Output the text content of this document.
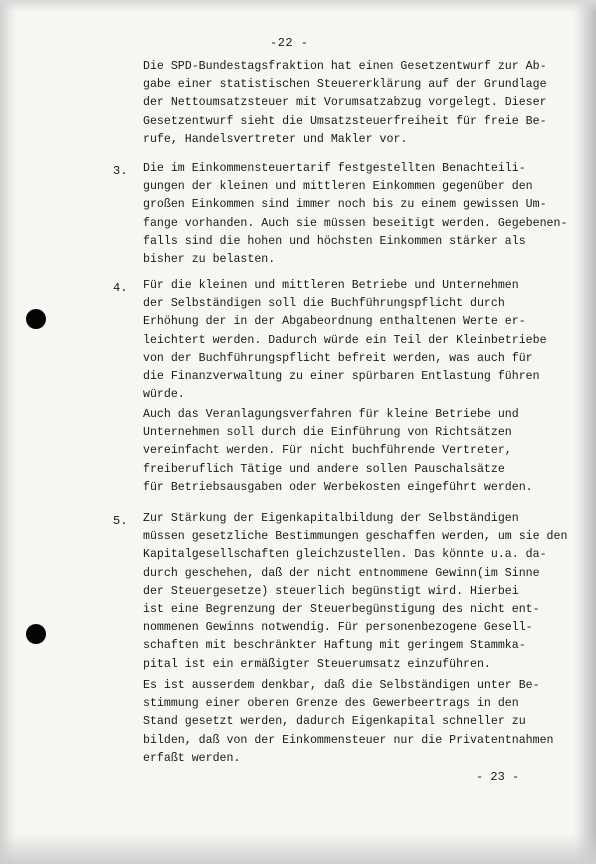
-22 -
Die SPD-Bundestagsfraktion hat einen Gesetzentwurf zur Ab-
gabe einer statistischen Steuererklärung auf der Grundlage
der Nettoumsatzsteuer mit Vorumsatzabzug vorgelegt. Dieser
Gesetzentwurf sieht die Umsatzsteuerfreiheit für freie Be-
rufe, Handelsvertreter und Makler vor.
3. Die im Einkommensteuertarif festgestellten Benachteili-
gungen der kleinen und mittleren Einkommen gegenüber den
großen Einkommen sind immer noch bis zu einem gewissen Um-
fange vorhanden. Auch sie müssen beseitigt werden. Gegebenen-
falls sind die hohen und höchsten Einkommen stärker als
bisher zu belasten.
4. Für die kleinen und mittleren Betriebe und Unternehmen
der Selbständigen soll die Buchführungspflicht durch
Erhöhung der in der Abgabeordnung enthaltenen Werte er-
leichtert werden. Dadurch würde ein Teil der Kleinbetriebe
von der Buchführungspflicht befreit werden, was auch für
die Finanzverwaltung zu einer spürbaren Entlastung führen
würde.
Auch das Veranlagungsverfahren für kleine Betriebe und
Unternehmen soll durch die Einführung von Richtsätzen
vereinfacht werden. Für nicht buchführende Vertreter,
freiberuflich Tätige und andere sollen Pauschalsätze
für Betriebsausgaben oder Werbekosten eingeführt werden.
5. Zur Stärkung der Eigenkapitalbildung der Selbständigen
müssen gesetzliche Bestimmungen geschaffen werden, um sie den
Kapitalgesellschaften gleichzustellen. Das könnte u.a. da-
durch geschehen, daß der nicht entnommene Gewinn(im Sinne
der Steuergesetze) steuerlich begünstigt wird. Hierbei
ist eine Begrenzung der Steuerbegünstigung des nicht ent-
nommenen Gewinns notwendig. Für personenbezogene Gesell-
schaften mit beschränkter Haftung mit geringem Stammka-
pital ist ein ermäßigter Steuerumsatz einzuführen.
Es ist ausserdem denkbar, daß die Selbständigen unter Be-
stimmung einer oberen Grenze des Gewerbeertrags in den
Stand gesetzt werden, dadurch Eigenkapital schneller zu
bilden, daß von der Einkommensteuer nur die Privatentnahmen
erfaßt werden.
- 23 -
